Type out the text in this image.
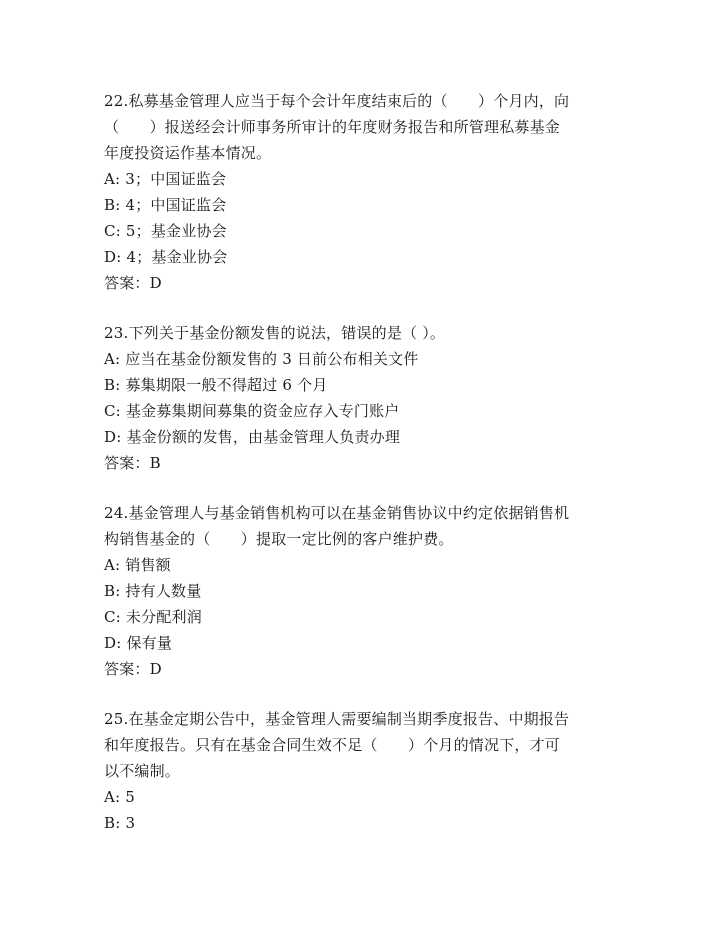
22.私募基金管理人应当于每个会计年度结束后的（　　）个月内，向
（　　）报送经会计师事务所审计的年度财务报告和所管理私募基金
年度投资运作基本情况。
A: 3；中国证监会
B: 4；中国证监会
C: 5；基金业协会
D: 4；基金业协会
答案：D
23.下列关于基金份额发售的说法，错误的是（ ）。
A: 应当在基金份额发售的 3 日前公布相关文件
B: 募集期限一般不得超过 6 个月
C: 基金募集期间募集的资金应存入专门账户
D: 基金份额的发售，由基金管理人负责办理
答案：B
24.基金管理人与基金销售机构可以在基金销售协议中约定依据销售机
构销售基金的（　　）提取一定比例的客户维护费。
A: 销售额
B: 持有人数量
C: 未分配利润
D: 保有量
答案：D
25.在基金定期公告中，基金管理人需要编制当期季度报告、中期报告
和年度报告。只有在基金合同生效不足（　　）个月的情况下，才可
以不编制。
A: 5
B: 3
